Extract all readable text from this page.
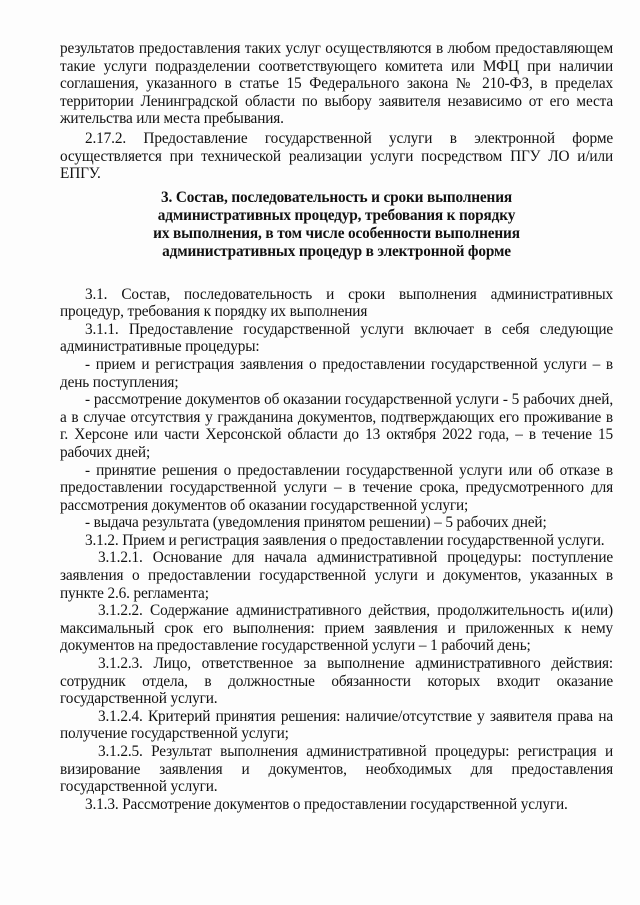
результатов предоставления таких услуг осуществляются в любом предоставляющем такие услуги подразделении соответствующего комитета или МФЦ при наличии соглашения, указанного в статье 15 Федерального закона № 210-ФЗ, в пределах территории Ленинградской области по выбору заявителя независимо от его места жительства или места пребывания.

2.17.2. Предоставление государственной услуги в электронной форме осуществляется при технической реализации услуги посредством ПГУ ЛО и/или ЕПГУ.

3. Состав, последовательность и сроки выполнения
административных процедур, требования к порядку
их выполнения, в том числе особенности выполнения
административных процедур в электронной форме

3.1. Состав, последовательность и сроки выполнения административных процедур, требования к порядку их выполнения

3.1.1. Предоставление государственной услуги включает в себя следующие административные процедуры:

- прием и регистрация заявления о предоставлении государственной услуги – в день поступления;

- рассмотрение документов об оказании государственной услуги - 5 рабочих дней, а в случае отсутствия у гражданина документов, подтверждающих его проживание в г. Херсоне или части Херсонской области до 13 октября 2022 года, – в течение 15 рабочих дней;

- принятие решения о предоставлении государственной услуги или об отказе в предоставлении государственной услуги – в течение срока, предусмотренного для рассмотрения документов об оказании государственной услуги;

- выдача результата (уведомления принятом решении) – 5 рабочих дней;

3.1.2. Прием и регистрация заявления о предоставлении государственной услуги.

3.1.2.1. Основание для начала административной процедуры: поступление заявления о предоставлении государственной услуги и документов, указанных в пункте 2.6. регламента;

3.1.2.2. Содержание административного действия, продолжительность и(или) максимальный срок его выполнения: прием заявления и приложенных к нему документов на предоставление государственной услуги – 1 рабочий день;

3.1.2.3. Лицо, ответственное за выполнение административного действия: сотрудник отдела, в должностные обязанности которых входит оказание государственной услуги.

3.1.2.4. Критерий принятия решения: наличие/отсутствие у заявителя права на получение государственной услуги;

3.1.2.5. Результат выполнения административной процедуры: регистрация и визирование заявления и документов, необходимых для предоставления государственной услуги.

3.1.3. Рассмотрение документов о предоставлении государственной услуги.
